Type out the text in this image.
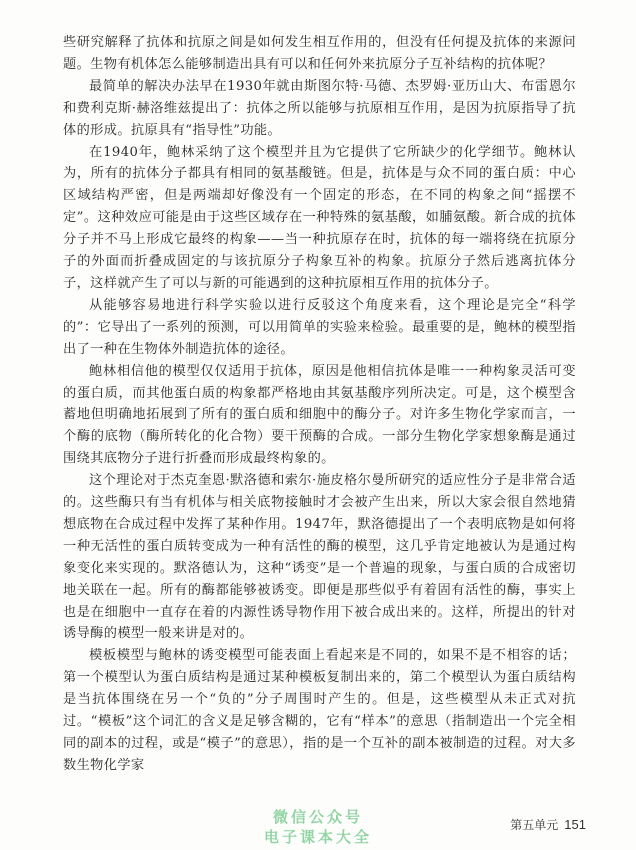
些研究解释了抗体和抗原之间是如何发生相互作用的，但没有任何提及抗体的来源问题。生物有机体怎么能够制造出具有可以和任何外来抗原分子互补结构的抗体呢？

最简单的解决办法早在1930年就由斯图尔特·马德、杰罗姆·亚历山大、布雷恩尔和费利克斯·赫洛维兹提出了：抗体之所以能够与抗原相互作用，是因为抗原指导了抗体的形成。抗原具有“指导性”功能。

在1940年，鲍林采纳了这个模型并且为它提供了它所缺少的化学细节。鲍林认为，所有的抗体分子都具有相同的氨基酸链。但是，抗体是与众不同的蛋白质：中心区域结构严密，但是两端却好像没有一个固定的形态，在不同的构象之间“摇摆不定”。这种效应可能是由于这些区域存在一种特殊的氨基酸，如脯氨酸。新合成的抗体分子并不马上形成它最终的构象——当一种抗原存在时，抗体的每一端将绕在抗原分子的外面而折叠成固定的与该抗原分子构象互补的构象。抗原分子然后逃离抗体分子，这样就产生了可以与新的可能遇到的这种抗原相互作用的抗体分子。

从能够容易地进行科学实验以进行反驳这个角度来看，这个理论是完全“科学的”：它导出了一系列的预测，可以用简单的实验来检验。最重要的是，鲍林的模型指出了一种在生物体外制造抗体的途径。

鲍林相信他的模型仅仅适用于抗体，原因是他相信抗体是唯一一种构象灵活可变的蛋白质，而其他蛋白质的构象都严格地由其氨基酸序列所决定。可是，这个模型含蓄地但明确地拓展到了所有的蛋白质和细胞中的酶分子。对许多生物化学家而言，一个酶的底物（酶所转化的化合物）要干预酶的合成。一部分生物化学家想象酶是通过围绕其底物分子进行折叠而形成最终构象的。

这个理论对于杰克奎恩·默洛德和索尔·施皮格尔曼所研究的适应性分子是非常合适的。这些酶只有当有机体与相关底物接触时才会被产生出来，所以大家会很自然地猜想底物在合成过程中发挥了某种作用。1947年，默洛德提出了一个表明底物是如何将一种无活性的蛋白质转变成为一种有活性的酶的模型，这几乎肯定地被认为是通过构象变化来实现的。默洛德认为，这种“诱变”是一个普遍的现象，与蛋白质的合成密切地关联在一起。所有的酶都能够被诱变。即便是那些似乎有着固有活性的酶，事实上也是在细胞中一直存在着的内源性诱导物作用下被合成出来的。这样，所提出的针对诱导酶的模型一般来讲是对的。

模板模型与鲍林的诱变模型可能表面上看起来是不同的，如果不是不相容的话；第一个模型认为蛋白质结构是通过某种模板复制出来的，第二个模型认为蛋白质结构是当抗体围绕在另一个“负的”分子周围时产生的。但是，这些模型从未正式对抗过。“模板”这个词汇的含义是足够含糊的，它有“样本”的意思（指制造出一个完全相同的副本的过程，或是“模子”的意思），指的是一个互补的副本被制造的过程。对大多数生物化学家

微信公众号
电子课本大全
第五单元 151
